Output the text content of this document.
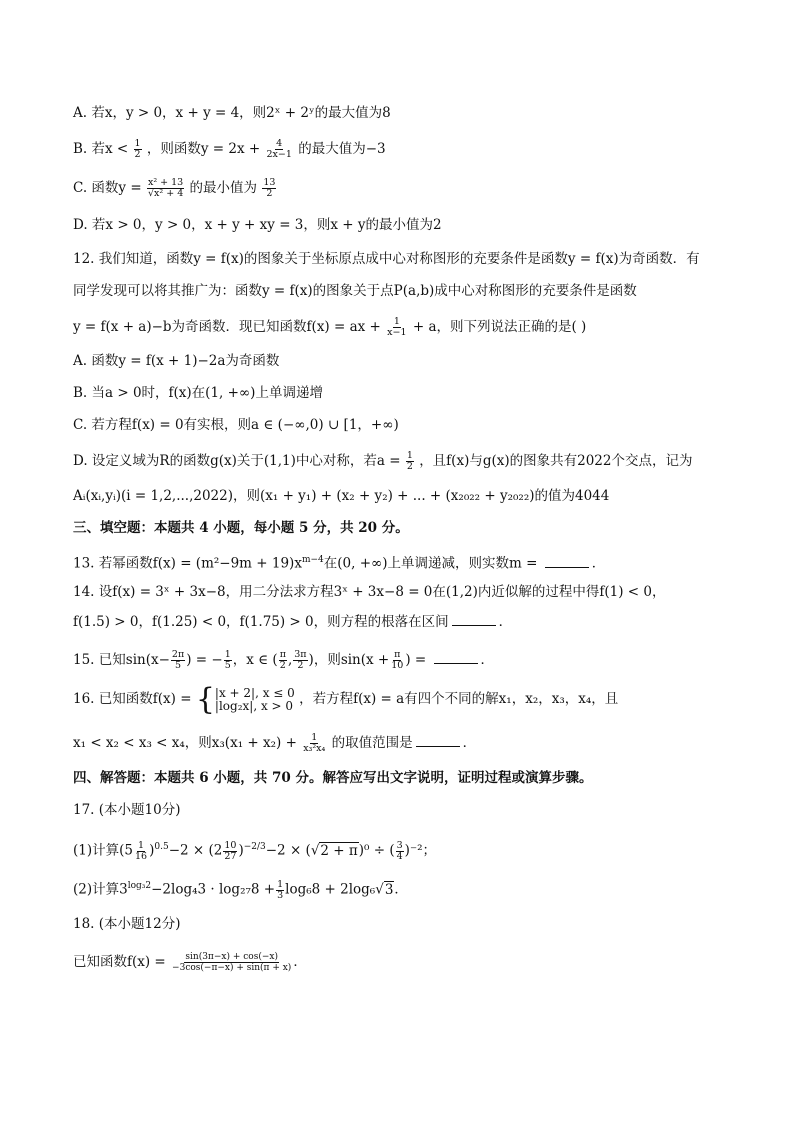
A. 若x，y > 0，x + y = 4，则2ˣ + 2ʸ的最大值为8
B. 若$x < \frac{1}{2}$ ，则函数$y = 2x + \frac{4}{2x-1}$ 的最大值为−3
C. 函数$y = \frac{\text{x² + 13}}{\text{√x² + 4}}$ 的最小值为 $\frac{13}{2}$
D. 若x > 0，y > 0，x + y + xy = 3，则x + y的最小值为2
12. 我们知道，函数y = f(x)的图象关于坐标原点成中心对称图形的充要条件是函数y = f(x)为奇函数．有
同学发现可以将其推广为：函数y = f(x)的图象关于点P(a,b)成中心对称图形的充要条件是函数
y = f(x + a)−b为奇函数．现已知函数f(x) = ax + $\frac{1}{x-1} + a$，则下列说法正确的是( )
A. 函数y = f(x + 1)−2a为奇函数
B. 当a > 0时，f(x)在(1, +∞)上单调递增
C. 若方程f(x) = 0有实根，则a ∈ (−∞,0) ∪ [1，+∞)
D. 设定义域为R的函数g(x)关于(1,1)中心对称，若$a = \frac{1}{2}$ ，且f(x)与g(x)的图象共有2022个交点，记为
Aᵢ(xᵢ,yᵢ)(i = 1,2,...,2022)，则(x₁ + y₁) + (x₂ + y₂) + ... + (x₂₀₂₂ + y₂₀₂₂)的值为4044
三、填空题：本题共 4 小题，每小题 5 分，共 20 分。
13. 若幂函数$f(x) = (m^2-9m + 19)x^{m-4}$在(0, +∞)上单调递减，则实数m =	．
14. 设f(x) = 3ˣ + 3x−8，用二分法求方程3ˣ + 3x−8 = 0在(1,2)内近似解的过程中得f(1) < 0，
f(1.5) > 0，f(1.25) < 0，f(1.75) > 0，则方程的根落在区间	．
15. 已知$\sin(x- \frac{2\pi}{5}$ ) = − $\frac{1}{5}$ ，x ∈ ( $\frac{\pi}{2}$ , $\frac{3\pi}{2}$ )，则$\sin(x + \frac{\pi}{10}$ ) =	．
16. 已知函数f(x) = { |x + 2|, x ≤ 0
|log₂x|, x > 0 ，若方程f(x) = a有四个不同的解x₁，x₂，x₃，x₄，且
x₁ < x₂ < x₃ < x₄，则$x_3(x_1 + x_2) + \frac{1}{\text{x₃²x₄}}$ 的取值范围是	．
四、解答题：本题共 6 小题，共 70 分。解答应写出文字说明，证明过程或演算步骤。
17. (本小题10分)
(1)计算$(5 \frac{1}{16} )^{0.5}-2 \times (2 \frac{10}{27} )^{-2/3}-2 \times (√2 + \pi)^0$ ÷ ( $\frac{3}{4} )^{-2}$；
(2)计算$3^{log_32}-2\log_43 \cdot \log_{27}8 + \frac{1}{3} \log_68 + 2\log_6√3$．
18. (本小题12分)
已知函数$f(x) = \frac{\sin(3\pi-x) + \cos(-x)}{-3\cos(-\pi-x) + \sin(\pi + x)}$ ．
